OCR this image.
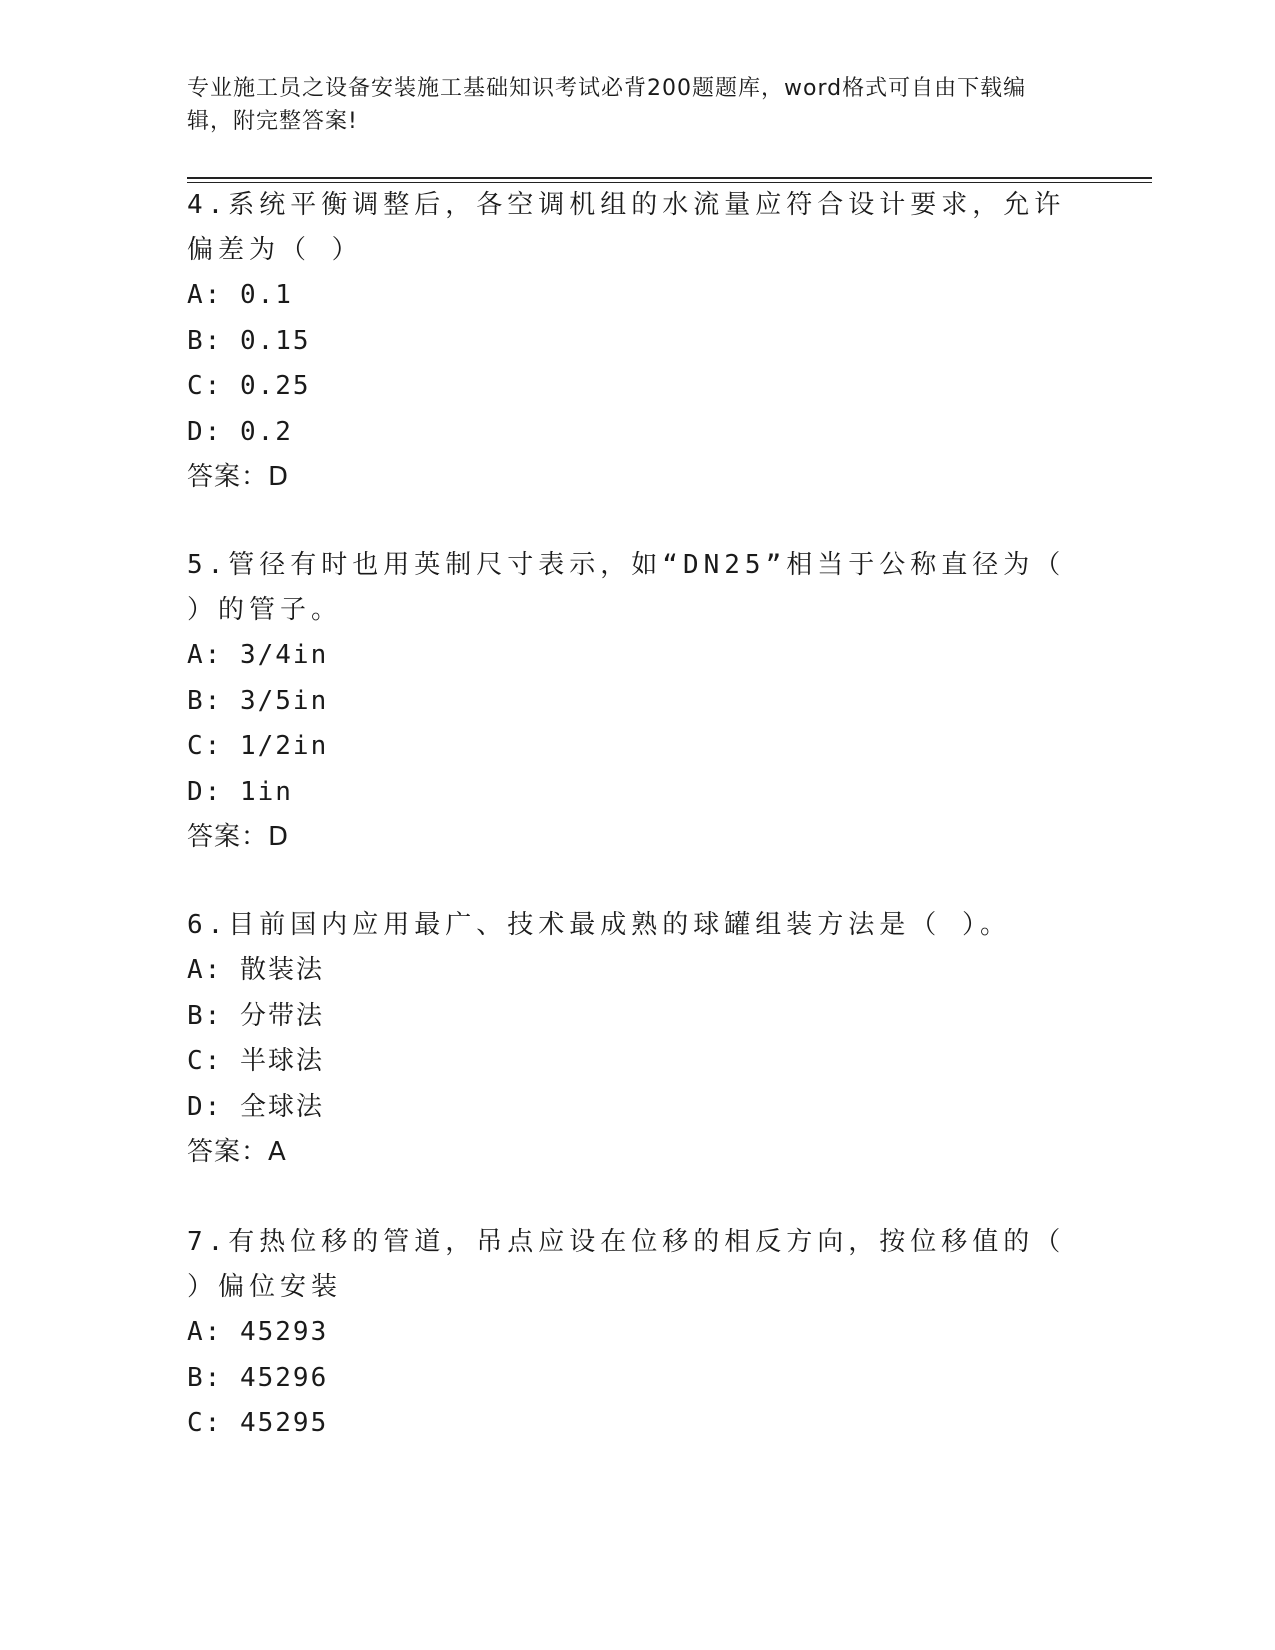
专业施工员之设备安装施工基础知识考试必背200题题库，word格式可自由下载编辑，附完整答案!

4.系统平衡调整后，各空调机组的水流量应符合设计要求，允许偏差为（ ）

A: 0.1

B: 0.15

C: 0.25

D: 0.2

答案：D

5.管径有时也用英制尺寸表示，如“DN25”相当于公称直径为（ ）的管子。

A: 3/4in

B: 3/5in

C: 1/2in

D: 1in

答案：D

6.目前国内应用最广、技术最成熟的球罐组装方法是（ ）。

A: 散装法

B: 分带法

C: 半球法

D: 全球法

答案：A

7.有热位移的管道，吊点应设在位移的相反方向，按位移值的（ ）偏位安装

A: 45293

B: 45296

C: 45295
